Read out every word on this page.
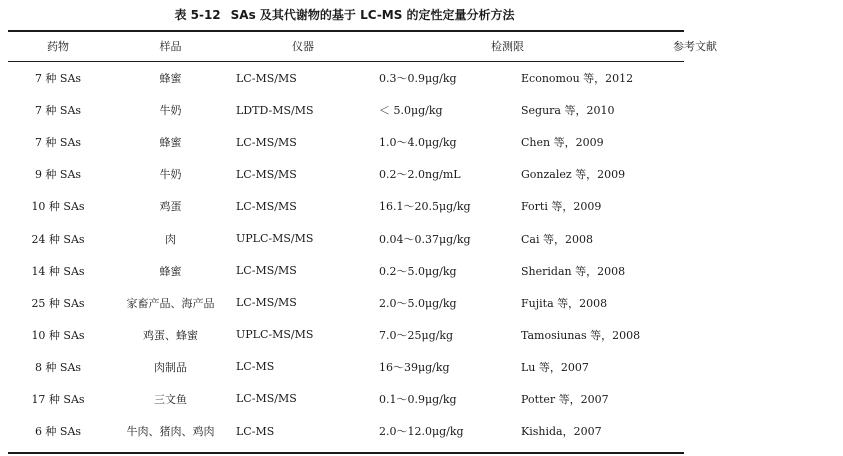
表 5-12 SAs 及其代谢物的基于 LC-MS 的定性定量分析方法
药物	样品	仪器	检测限	参考文献
7 种 SAs	蜂蜜	LC-MS/MS	0.3～0.9μg/kg	Economou 等，2012
7 种 SAs	牛奶	LDTD-MS/MS	＜ 5.0μg/kg	Segura 等，2010
7 种 SAs	蜂蜜	LC-MS/MS	1.0～4.0μg/kg	Chen 等，2009
9 种 SAs	牛奶	LC-MS/MS	0.2～2.0ng/mL	Gonzalez 等，2009
10 种 SAs	鸡蛋	LC-MS/MS	16.1～20.5μg/kg	Forti 等，2009
24 种 SAs	肉	UPLC-MS/MS	0.04～0.37μg/kg	Cai 等，2008
14 种 SAs	蜂蜜	LC-MS/MS	0.2～5.0μg/kg	Sheridan 等，2008
25 种 SAs	家畜产品、海产品	LC-MS/MS	2.0～5.0μg/kg	Fujita 等，2008
10 种 SAs	鸡蛋、蜂蜜	UPLC-MS/MS	7.0～25μg/kg	Tamosiunas 等，2008
8 种 SAs	肉制品	LC-MS	16～39μg/kg	Lu 等，2007
17 种 SAs	三文鱼	LC-MS/MS	0.1～0.9μg/kg	Potter 等，2007
6 种 SAs	牛肉、猪肉、鸡肉	LC-MS	2.0～12.0μg/kg	Kishida，2007
